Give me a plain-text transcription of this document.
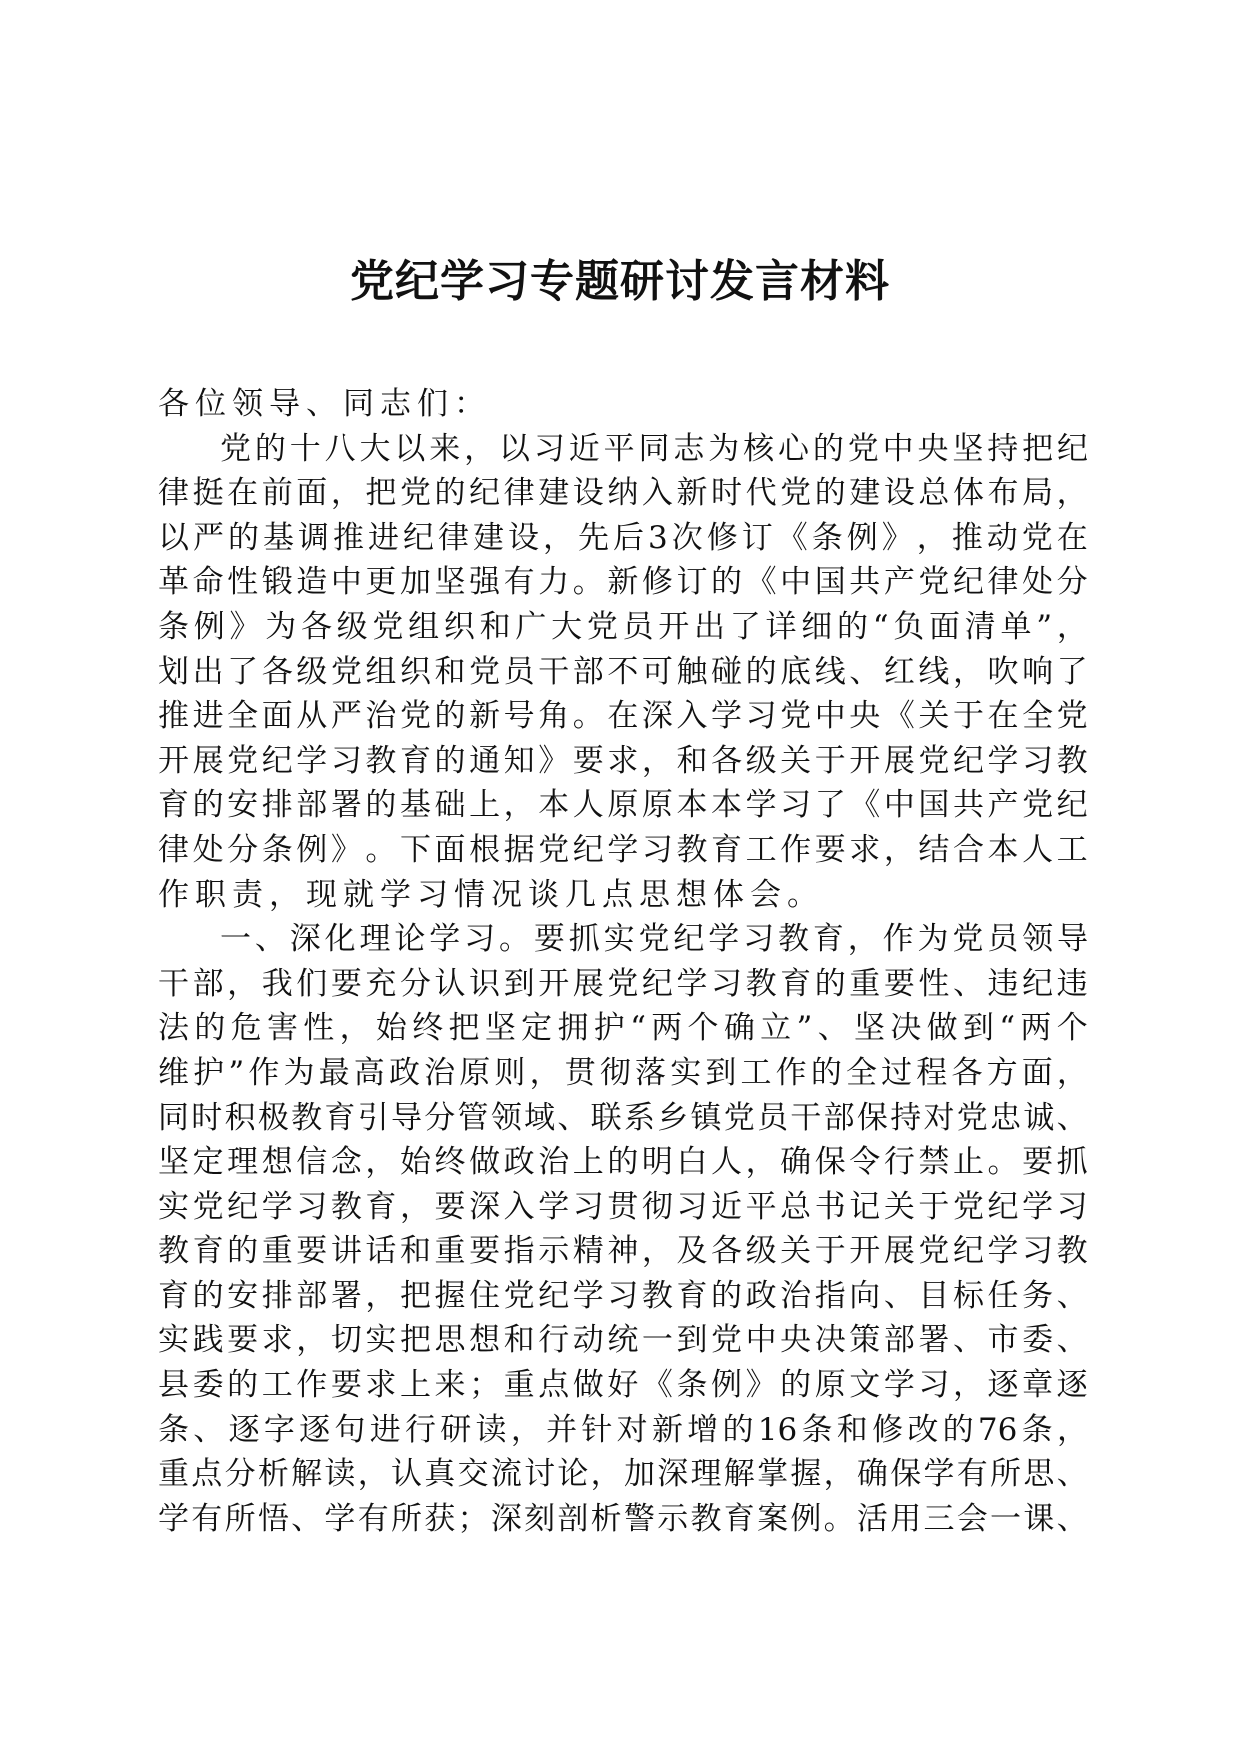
党纪学习专题研讨发言材料
各 位 领 导 、 同 志 们 ：
党 的 十 八 大 以 来 ， 以 习 近 平 同 志 为 核 心 的 党 中 央 坚 持 把 纪
律 挺 在 前 面 ， 把 党 的 纪 律 建 设 纳 入 新 时 代 党 的 建 设 总 体 布 局 ，
以 严 的 基 调 推 进 纪 律 建 设 ， 先 后 3 次 修 订 《 条 例 》 ， 推 动 党 在
革 命 性 锻 造 中 更 加 坚 强 有 力 。 新 修 订 的 《 中 国 共 产 党 纪 律 处 分
条 例 》 为 各 级 党 组 织 和 广 大 党 员 开 出 了 详 细 的 “ 负 面 清 单 ” ，
划 出 了 各 级 党 组 织 和 党 员 干 部 不 可 触 碰 的 底 线 、 红 线 ， 吹 响 了
推 进 全 面 从 严 治 党 的 新 号 角 。 在 深 入 学 习 党 中 央 《 关 于 在 全 党
开 展 党 纪 学 习 教 育 的 通 知 》 要 求 ， 和 各 级 关 于 开 展 党 纪 学 习 教
育 的 安 排 部 署 的 基 础 上 ， 本 人 原 原 本 本 学 习 了 《 中 国 共 产 党 纪
律 处 分 条 例 》 。 下 面 根 据 党 纪 学 习 教 育 工 作 要 求 ， 结 合 本 人 工
作 职 责 ， 现 就 学 习 情 况 谈 几 点 思 想 体 会 。
一 、 深 化 理 论 学 习 。 要 抓 实 党 纪 学 习 教 育 ， 作 为 党 员 领 导
干 部 ， 我 们 要 充 分 认 识 到 开 展 党 纪 学 习 教 育 的 重 要 性 、 违 纪 违
法 的 危 害 性 ， 始 终 把 坚 定 拥 护 “ 两 个 确 立 ” 、 坚 决 做 到 “ 两 个
维 护 ” 作 为 最 高 政 治 原 则 ， 贯 彻 落 实 到 工 作 的 全 过 程 各 方 面 ，
同 时 积 极 教 育 引 导 分 管 领 域 、 联 系 乡 镇 党 员 干 部 保 持 对 党 忠 诚 、
坚 定 理 想 信 念 ， 始 终 做 政 治 上 的 明 白 人 ， 确 保 令 行 禁 止 。 要 抓
实 党 纪 学 习 教 育 ， 要 深 入 学 习 贯 彻 习 近 平 总 书 记 关 于 党 纪 学 习
教 育 的 重 要 讲 话 和 重 要 指 示 精 神 ， 及 各 级 关 于 开 展 党 纪 学 习 教
育 的 安 排 部 署 ， 把 握 住 党 纪 学 习 教 育 的 政 治 指 向 、 目 标 任 务 、
实 践 要 求 ， 切 实 把 思 想 和 行 动 统 一 到 党 中 央 决 策 部 署 、 市 委 、
县 委 的 工 作 要 求 上 来 ； 重 点 做 好 《 条 例 》 的 原 文 学 习 ， 逐 章 逐
条 、 逐 字 逐 句 进 行 研 读 ， 并 针 对 新 增 的 16 条 和 修 改 的 76 条 ，
重 点 分 析 解 读 ， 认 真 交 流 讨 论 ， 加 深 理 解 掌 握 ， 确 保 学 有 所 思 、
学 有 所 悟 、 学 有 所 获 ； 深 刻 剖 析 警 示 教 育 案 例 。 活 用 三 会 一 课 、
